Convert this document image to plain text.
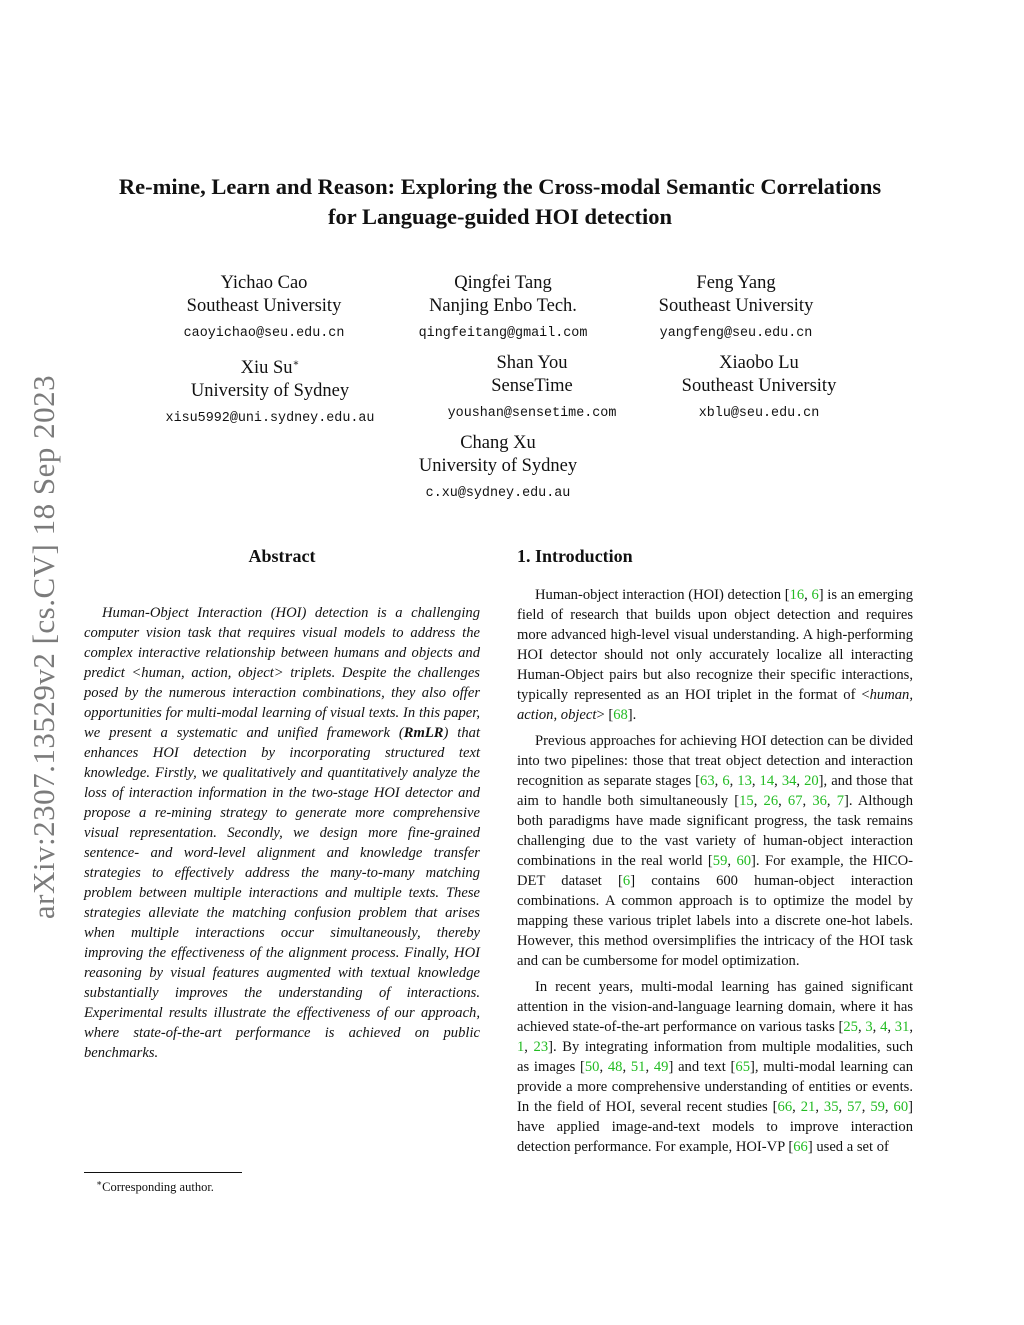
arXiv:2307.13529v2 [cs.CV] 18 Sep 2023
Re-mine, Learn and Reason: Exploring the Cross-modal Semantic Correlations
for Language-guided HOI detection
Yichao Cao
Southeast University
caoyichao@seu.edu.cn
Qingfei Tang
Nanjing Enbo Tech.
qingfeitang@gmail.com
Feng Yang
Southeast University
yangfeng@seu.edu.cn
Xiu Su∗
University of Sydney
xisu5992@uni.sydney.edu.au
Shan You
SenseTime
youshan@sensetime.com
Xiaobo Lu
Southeast University
xblu@seu.edu.cn
Chang Xu
University of Sydney
c.xu@sydney.edu.au
Abstract
Human-Object Interaction (HOI) detection is a challenging computer vision task that requires visual models to address the complex interactive relationship between humans and objects and predict <human, action, object> triplets. Despite the challenges posed by the numerous interaction combinations, they also offer opportunities for multi-modal learning of visual texts. In this paper, we present a systematic and unified framework (RmLR) that enhances HOI detection by incorporating structured text knowledge. Firstly, we qualitatively and quantitatively analyze the loss of interaction information in the two-stage HOI detector and propose a re-mining strategy to generate more comprehensive visual representation. Secondly, we design more fine-grained sentence- and word-level alignment and knowledge transfer strategies to effectively address the many-to-many matching problem between multiple interactions and multiple texts. These strategies alleviate the matching confusion problem that arises when multiple interactions occur simultaneously, thereby improving the effectiveness of the alignment process. Finally, HOI reasoning by visual features augmented with textual knowledge substantially improves the understanding of interactions. Experimental results illustrate the effectiveness of our approach, where state-of-the-art performance is achieved on public benchmarks.
∗Corresponding author.
1. Introduction

Human-object interaction (HOI) detection [16, 6] is an emerging field of research that builds upon object detection and requires more advanced high-level visual understanding. A high-performing HOI detector should not only accurately localize all interacting Human-Object pairs but also recognize their specific interactions, typically represented as an HOI triplet in the format of <human, action, object> [68].

Previous approaches for achieving HOI detection can be divided into two pipelines: those that treat object detection and interaction recognition as separate stages [63, 6, 13, 14, 34, 20], and those that aim to handle both simultaneously [15, 26, 67, 36, 7]. Although both paradigms have made significant progress, the task remains challenging due to the vast variety of human-object interaction combinations in the real world [59, 60]. For example, the HICO-DET dataset [6] contains 600 human-object interaction combinations. A common approach is to optimize the model by mapping these various triplet labels into a discrete one-hot labels. However, this method oversimplifies the intricacy of the HOI task and can be cumbersome for model optimization.

In recent years, multi-modal learning has gained significant attention in the vision-and-language learning domain, where it has achieved state-of-the-art performance on various tasks [25, 3, 4, 31, 1, 23]. By integrating information from multiple modalities, such as images [50, 48, 51, 49] and text [65], multi-modal learning can provide a more comprehensive understanding of entities or events. In the field of HOI, several recent studies [66, 21, 35, 57, 59, 60] have applied image-and-text models to improve interaction detection performance. For example, HOI-VP [66] used a set of
